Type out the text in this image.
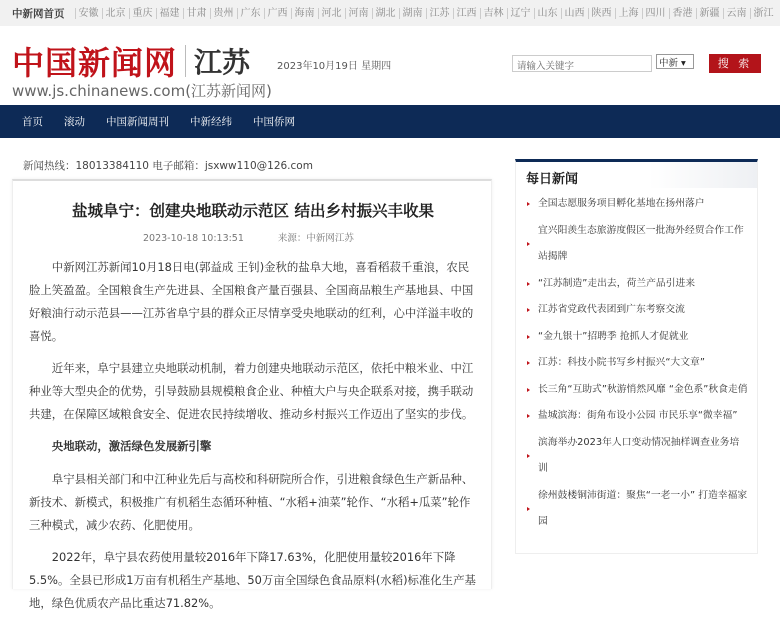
中新网首页	安徽 北京 重庆 福建 甘肃 贵州 广东 广西 海南 河北 河南 湖北 湖南 江苏 江西 吉林 辽宁 山东 山西 陕西 上海 四川 香港 新疆 云南 浙江
中国新闻网 江苏	2023年10月19日 星期四
www.js.chinanews.com(江苏新闻网)
请输入关键字	中新 ▾	搜 索
首页 滚动 中国新闻周刊 中新经纬 中国侨网
新闻热线：18013384110 电子邮箱：jsxww110@126.com
盐城阜宁：创建央地联动示范区 结出乡村振兴丰收果
2023-10-18 10:13:51	来源：中新网江苏

中新网江苏新闻10月18日电(郭益成 王钊)金秋的盐阜大地，喜看稻菽千重浪，农民脸上笑盈盈。全国粮食生产先进县、全国粮食产量百强县、全国商品粮生产基地县、中国好粮油行动示范县——江苏省阜宁县的群众正尽情享受央地联动的红利，心中洋溢丰收的喜悦。

近年来，阜宁县建立央地联动机制，着力创建央地联动示范区，依托中粮米业、中江种业等大型央企的优势，引导鼓励县规模粮食企业、种植大户与央企联系对接，携手联动共建，在保障区域粮食安全、促进农民持续增收、推动乡村振兴工作迈出了坚实的步伐。

央地联动，激活绿色发展新引擎

阜宁县相关部门和中江种业先后与高校和科研院所合作，引进粮食绿色生产新品种、新技术、新模式，积极推广有机稻生态循环种植、“水稻+油菜”轮作、“水稻+瓜菜”轮作三种模式，减少农药、化肥使用。

2022年，阜宁县农药使用量较2016年下降17.63%，化肥使用量较2016年下降5.5%。全县已形成1万亩有机稻生产基地、50万亩全国绿色食品原料(水稻)标准化生产基地，绿色优质农产品比重达71.82%。

每日新闻
全国志愿服务项目孵化基地在扬州落户
宜兴阳羡生态旅游度假区一批海外经贸合作工作站揭牌
“江苏制造”走出去，荷兰产品引进来
江苏省党政代表团到广东考察交流
“金九银十”招聘季 抢抓人才促就业
江苏：科技小院书写乡村振兴“大文章”
长三角“互助式”秋游悄然风靡 “金色系”秋食走俏
盐城滨海：街角布设小公园 市民乐享“微幸福”
滨海举办2023年人口变动情况抽样调查业务培训
徐州鼓楼铜沛街道：聚焦“一老一小” 打造幸福家园
